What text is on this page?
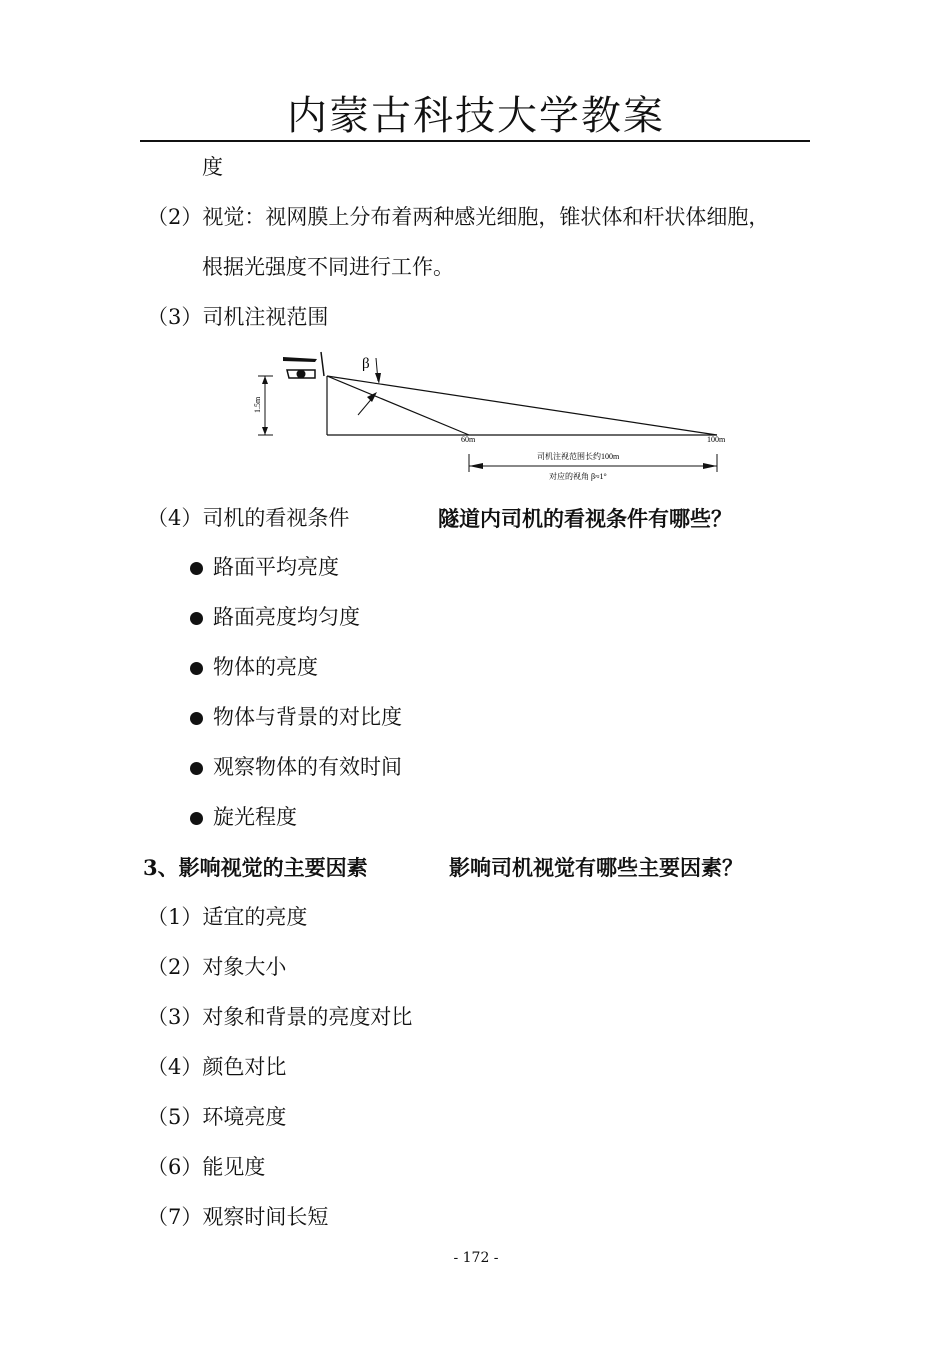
内蒙古科技大学教案
度
（2）视觉：视网膜上分布着两种感光细胞，锥状体和杆状体细胞，
根据光强度不同进行工作。
（3）司机注视范围
1.5m
β
60m	100m
司机注视范围长约100m
对应的视角 β≈1°
（4）司机的看视条件	隧道内司机的看视条件有哪些？
路面平均亮度
路面亮度均匀度
物体的亮度
物体与背景的对比度
观察物体的有效时间
旋光程度
3、影响视觉的主要因素	影响司机视觉有哪些主要因素？
（1）适宜的亮度
（2）对象大小
（3）对象和背景的亮度对比
（4）颜色对比
（5）环境亮度
（6）能见度
（7）观察时间长短
- 172 -
